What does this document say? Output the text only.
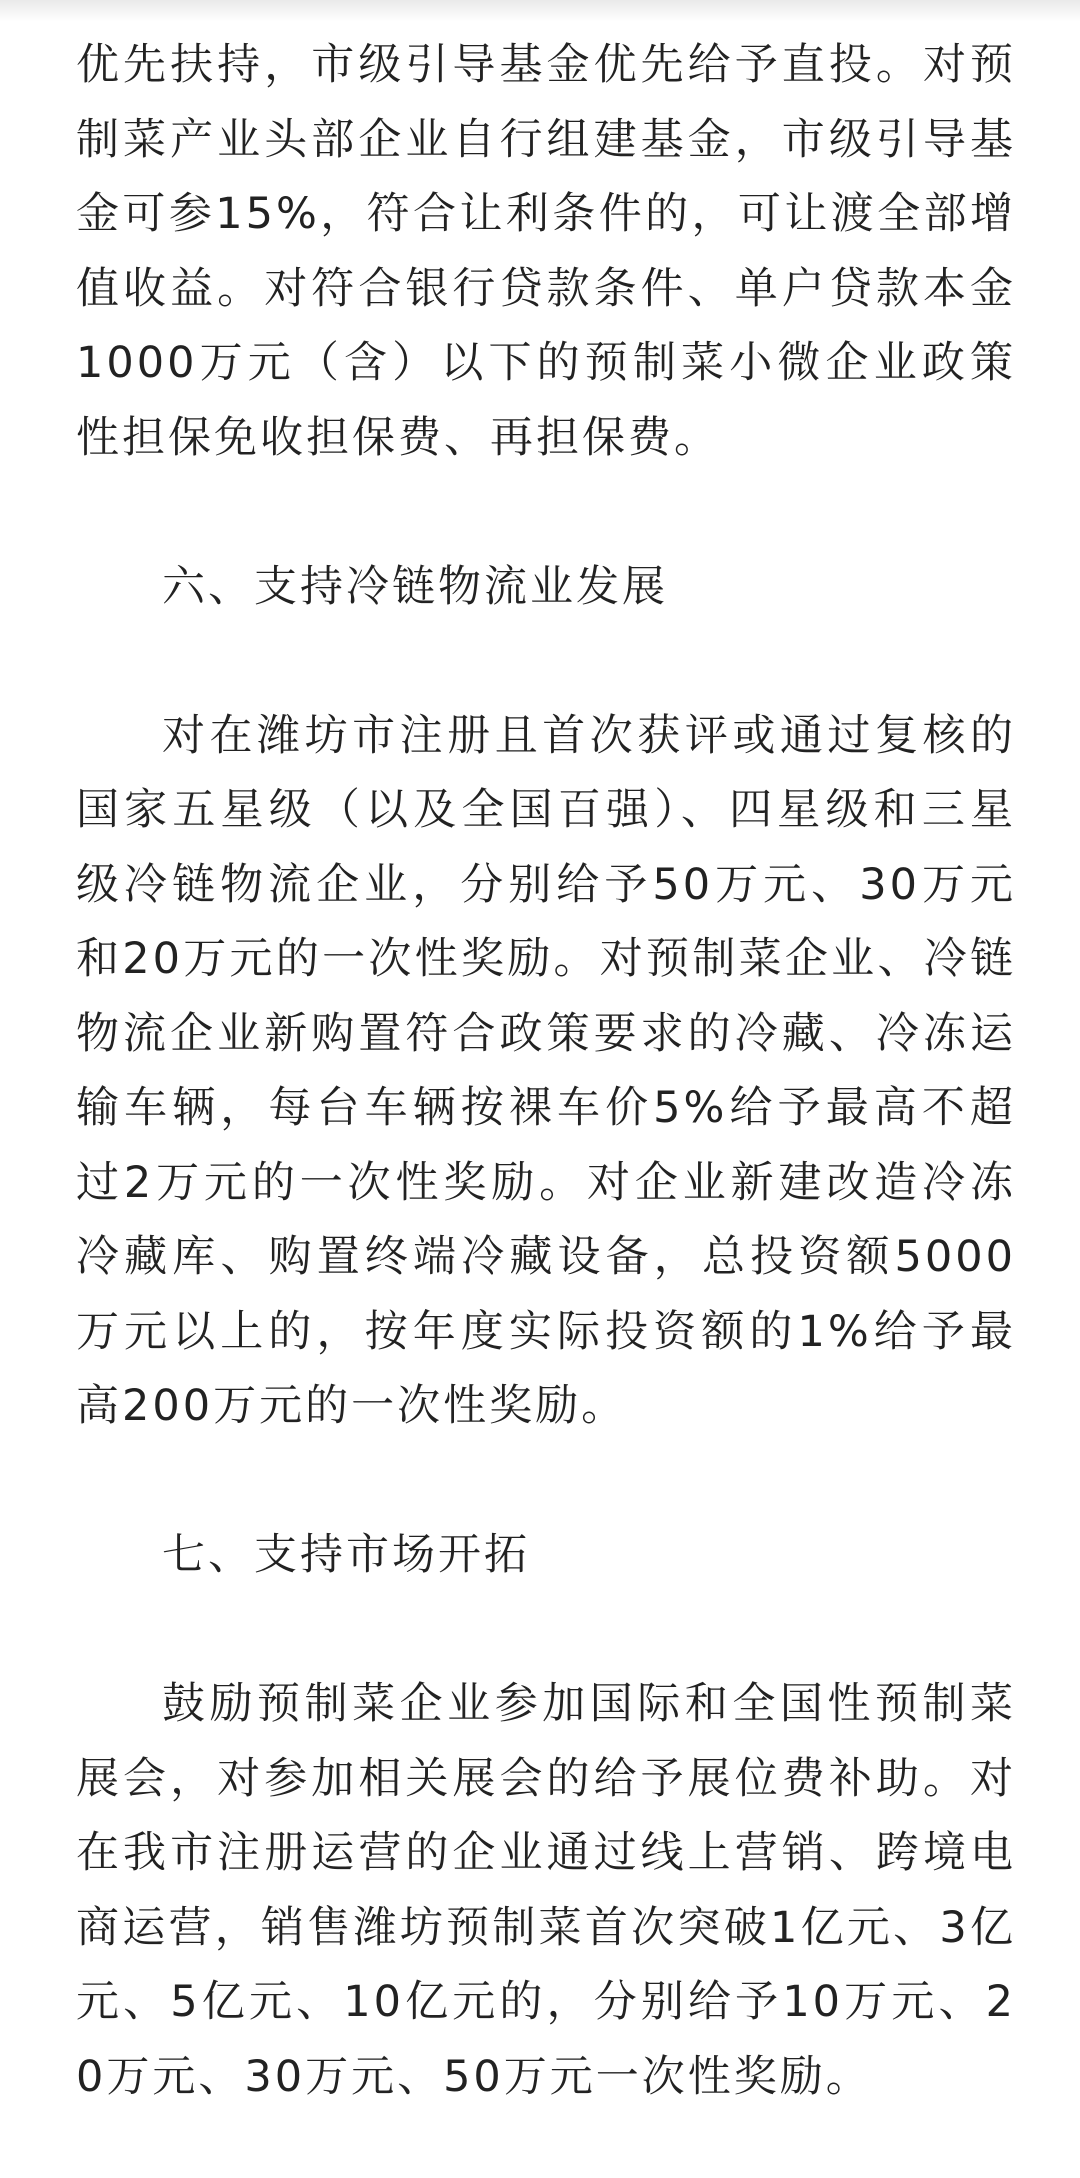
优先扶持，市级引导基金优先给予直投。对预制菜产业头部企业自行组建基金，市级引导基金可参15%，符合让利条件的，可让渡全部增值收益。对符合银行贷款条件、单户贷款本金1000万元（含）以下的预制菜小微企业政策性担保免收担保费、再担保费。

六、支持冷链物流业发展

对在潍坊市注册且首次获评或通过复核的国家五星级（以及全国百强）、四星级和三星级冷链物流企业，分别给予50万元、30万元和20万元的一次性奖励。对预制菜企业、冷链物流企业新购置符合政策要求的冷藏、冷冻运输车辆，每台车辆按裸车价5%给予最高不超过2万元的一次性奖励。对企业新建改造冷冻冷藏库、购置终端冷藏设备，总投资额5000万元以上的，按年度实际投资额的1%给予最高200万元的一次性奖励。

七、支持市场开拓

鼓励预制菜企业参加国际和全国性预制菜展会，对参加相关展会的给予展位费补助。对在我市注册运营的企业通过线上营销、跨境电商运营，销售潍坊预制菜首次突破1亿元、3亿元、5亿元、10亿元的，分别给予10万元、20万元、30万元、50万元一次性奖励。
